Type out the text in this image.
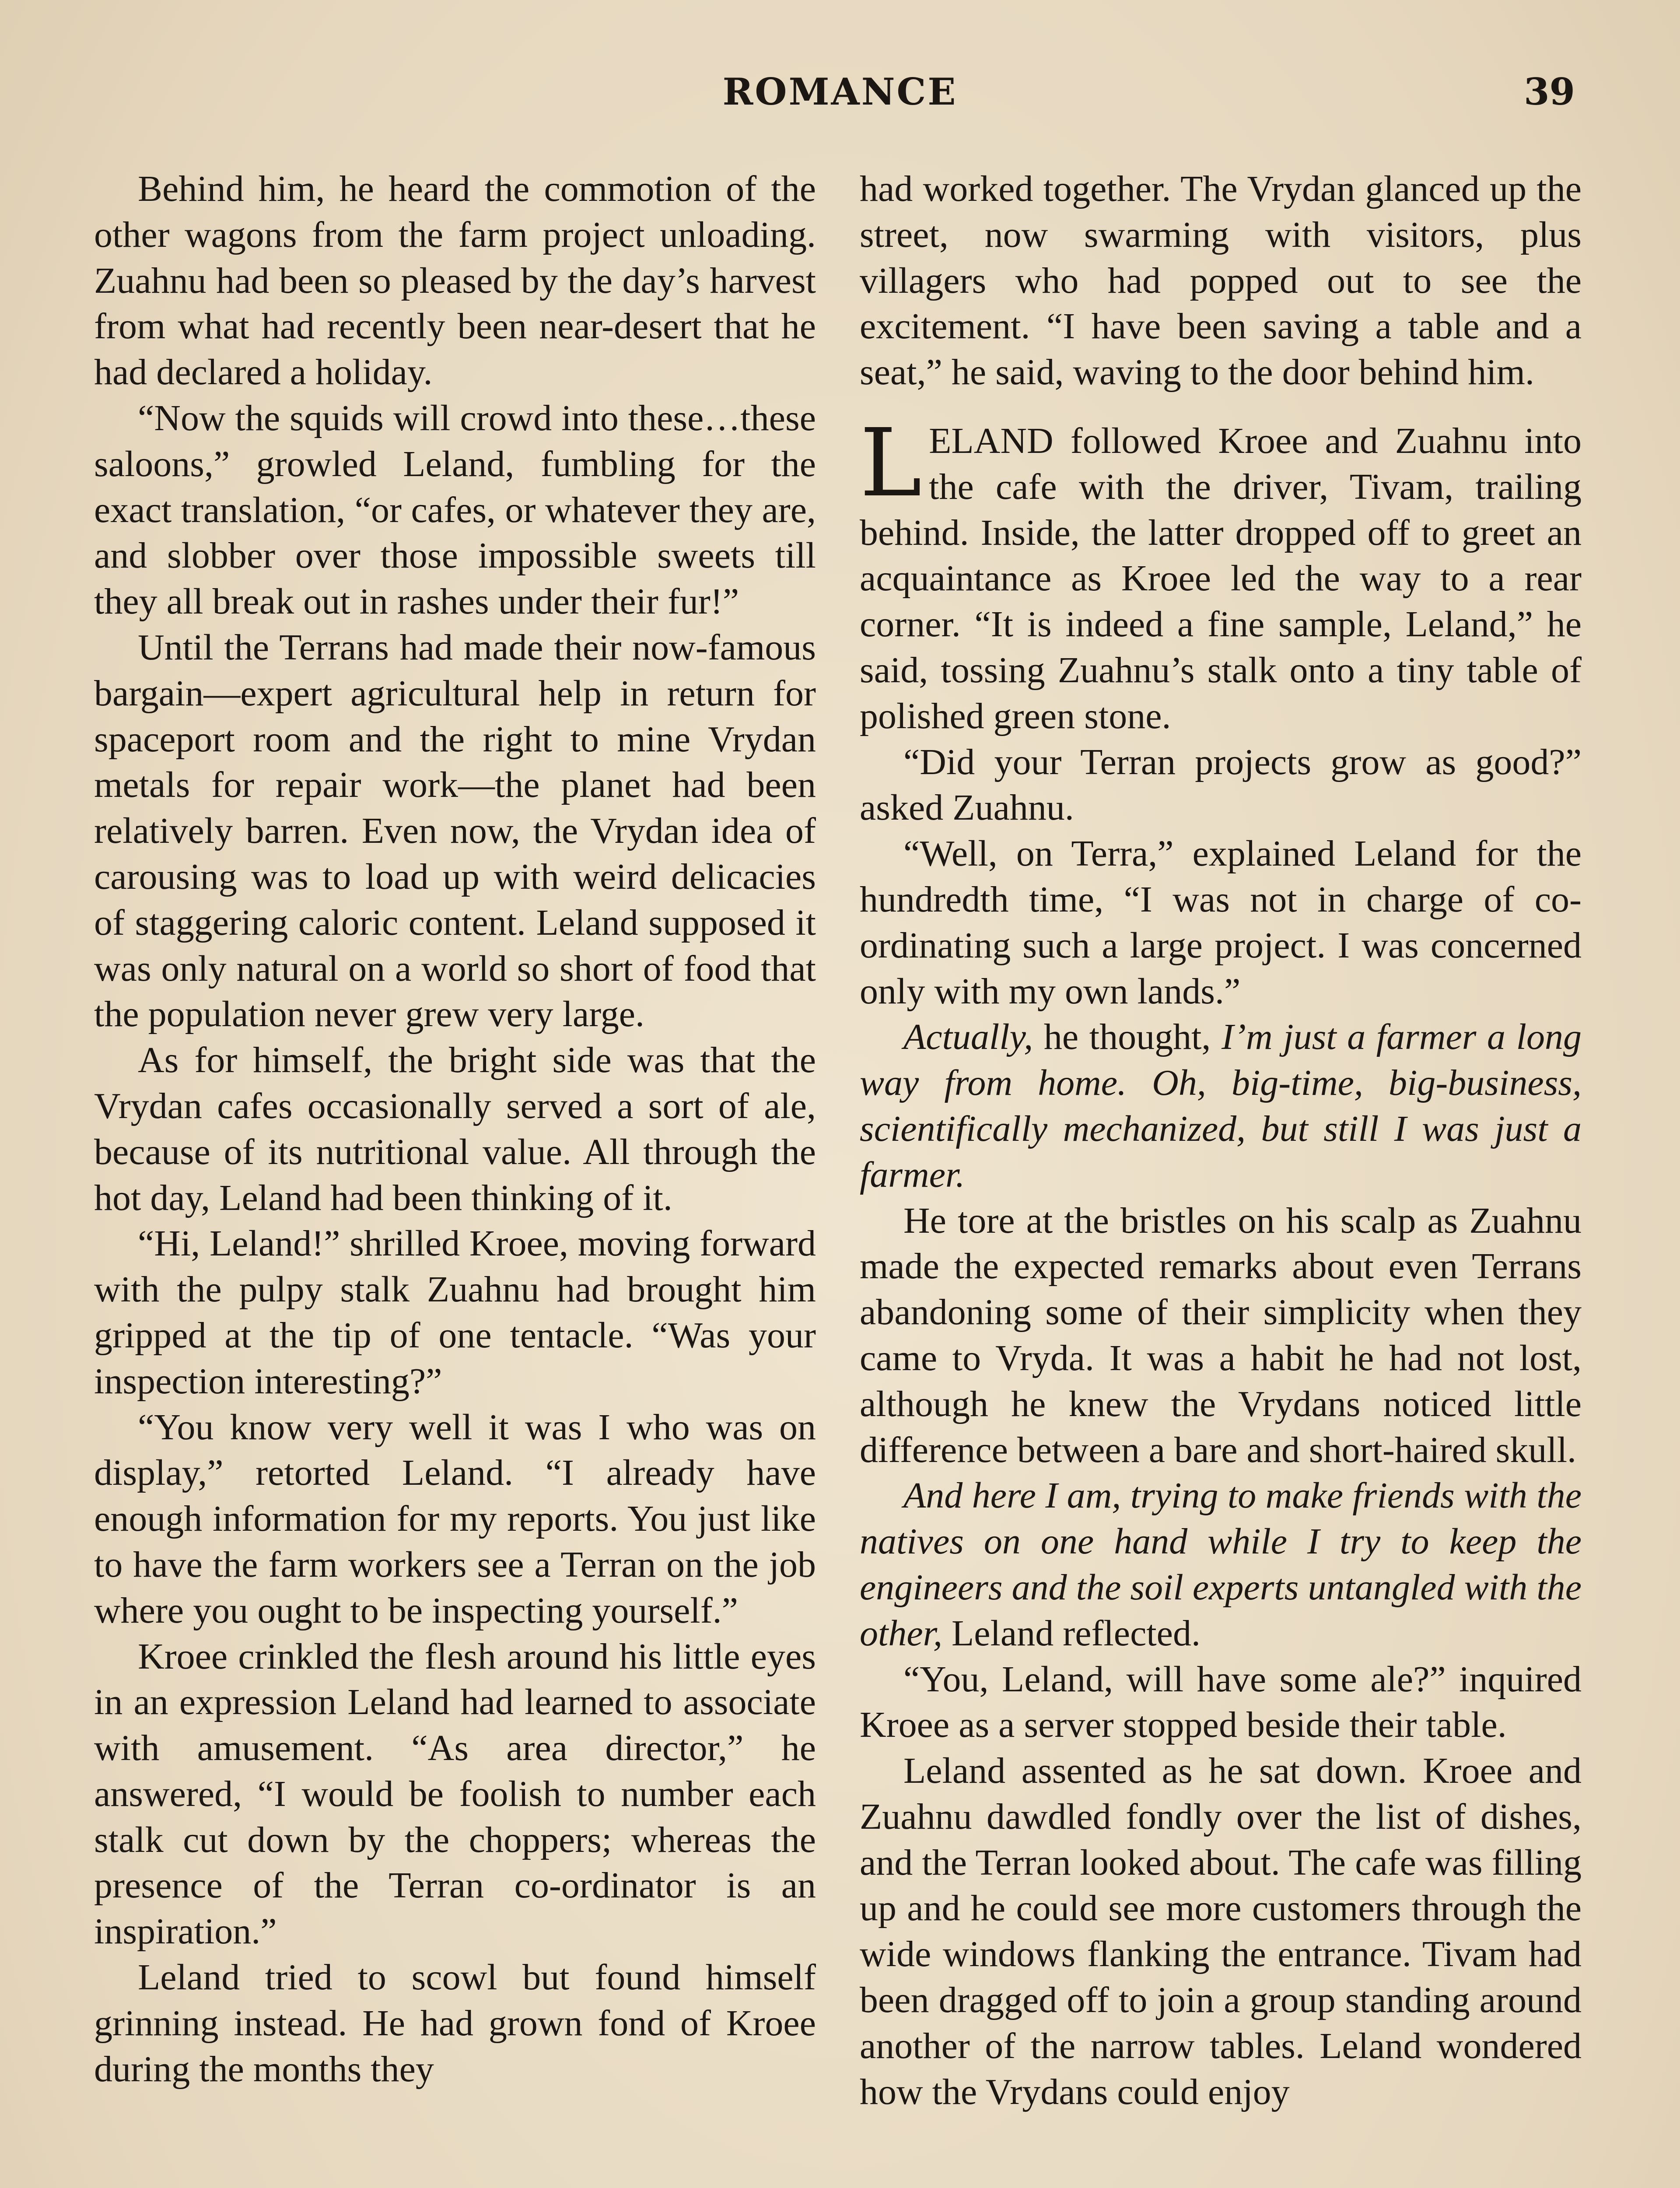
ROMANCE	39

Behind him, he heard the commotion of the other wagons from the farm project unloading. Zuahnu had been so pleased by the day’s harvest from what had recently been near-desert that he had declared a holiday.

“Now the squids will crowd into these…these saloons,” growled Leland, fumbling for the exact translation, “or cafes, or whatever they are, and slobber over those impossible sweets till they all break out in rashes under their fur!”

Until the Terrans had made their now-famous bargain—expert agricultural help in return for spaceport room and the right to mine Vrydan metals for repair work—the planet had been relatively barren. Even now, the Vrydan idea of carousing was to load up with weird delicacies of staggering caloric content. Leland supposed it was only natural on a world so short of food that the population never grew very large.

As for himself, the bright side was that the Vrydan cafes occasionally served a sort of ale, because of its nutritional value. All through the hot day, Leland had been thinking of it.

“Hi, Leland!” shrilled Kroee, moving forward with the pulpy stalk Zuahnu had brought him gripped at the tip of one tentacle. “Was your inspection interesting?”

“You know very well it was I who was on display,” retorted Leland. “I already have enough information for my reports. You just like to have the farm workers see a Terran on the job where you ought to be inspecting yourself.”

Kroee crinkled the flesh around his little eyes in an expression Leland had learned to associate with amusement. “As area director,” he answered, “I would be foolish to number each stalk cut down by the choppers; whereas the presence of the Terran co-ordinator is an inspiration.”

Leland tried to scowl but found himself grinning instead. He had grown fond of Kroee during the months they

had worked together. The Vrydan glanced up the street, now swarming with visitors, plus villagers who had popped out to see the excitement. “I have been saving a table and a seat,” he said, waving to the door behind him.

LELAND followed Kroee and Zuahnu into the cafe with the driver, Tivam, trailing behind. Inside, the latter dropped off to greet an acquaintance as Kroee led the way to a rear corner. “It is indeed a fine sample, Leland,” he said, tossing Zuahnu’s stalk onto a tiny table of polished green stone.

“Did your Terran projects grow as good?” asked Zuahnu.

“Well, on Terra,” explained Leland for the hundredth time, “I was not in charge of co-ordinating such a large project. I was concerned only with my own lands.”

Actually, he thought, I’m just a farmer a long way from home. Oh, big-time, big-business, scientifically mechanized, but still I was just a farmer.

He tore at the bristles on his scalp as Zuahnu made the expected remarks about even Terrans abandoning some of their simplicity when they came to Vryda. It was a habit he had not lost, although he knew the Vrydans noticed little difference between a bare and short-haired skull.

And here I am, trying to make friends with the natives on one hand while I try to keep the engineers and the soil experts untangled with the other, Leland reflected.

“You, Leland, will have some ale?” inquired Kroee as a server stopped beside their table.

Leland assented as he sat down. Kroee and Zuahnu dawdled fondly over the list of dishes, and the Terran looked about. The cafe was filling up and he could see more customers through the wide windows flanking the entrance. Tivam had been dragged off to join a group standing around another of the narrow tables. Leland wondered how the Vrydans could enjoy
